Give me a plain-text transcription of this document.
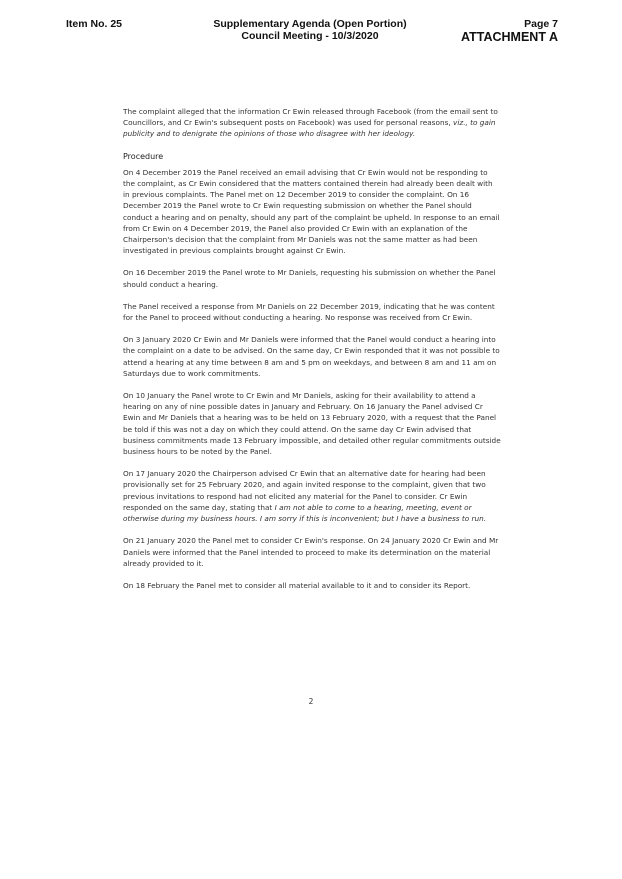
Item No. 25	Supplementary Agenda (Open Portion)
Council Meeting - 10/3/2020
Page 7
ATTACHMENT A

The complaint alleged that the information Cr Ewin released through Facebook (from the email sent to Councillors, and Cr Ewin's subsequent posts on Facebook) was used for personal reasons, viz., to gain publicity and to denigrate the opinions of those who disagree with her ideology.

Procedure

On 4 December 2019 the Panel received an email advising that Cr Ewin would not be responding to the complaint, as Cr Ewin considered that the matters contained therein had already been dealt with in previous complaints. The Panel met on 12 December 2019 to consider the complaint. On 16 December 2019 the Panel wrote to Cr Ewin requesting submission on whether the Panel should conduct a hearing and on penalty, should any part of the complaint be upheld. In response to an email from Cr Ewin on 4 December 2019, the Panel also provided Cr Ewin with an explanation of the Chairperson's decision that the complaint from Mr Daniels was not the same matter as had been investigated in previous complaints brought against Cr Ewin.

On 16 December 2019 the Panel wrote to Mr Daniels, requesting his submission on whether the Panel should conduct a hearing.

The Panel received a response from Mr Daniels on 22 December 2019, indicating that he was content for the Panel to proceed without conducting a hearing. No response was received from Cr Ewin.

On 3 January 2020 Cr Ewin and Mr Daniels were informed that the Panel would conduct a hearing into the complaint on a date to be advised. On the same day, Cr Ewin responded that it was not possible to attend a hearing at any time between 8 am and 5 pm on weekdays, and between 8 am and 11 am on Saturdays due to work commitments.

On 10 January the Panel wrote to Cr Ewin and Mr Daniels, asking for their availability to attend a hearing on any of nine possible dates in January and February. On 16 January the Panel advised Cr Ewin and Mr Daniels that a hearing was to be held on 13 February 2020, with a request that the Panel be told if this was not a day on which they could attend. On the same day Cr Ewin advised that business commitments made 13 February impossible, and detailed other regular commitments outside business hours to be noted by the Panel.

On 17 January 2020 the Chairperson advised Cr Ewin that an alternative date for hearing had been provisionally set for 25 February 2020, and again invited response to the complaint, given that two previous invitations to respond had not elicited any material for the Panel to consider. Cr Ewin responded on the same day, stating that I am not able to come to a hearing, meeting, event or otherwise during my business hours. I am sorry if this is inconvenient; but I have a business to run.

On 21 January 2020 the Panel met to consider Cr Ewin's response. On 24 January 2020 Cr Ewin and Mr Daniels were informed that the Panel intended to proceed to make its determination on the material already provided to it.

On 18 February the Panel met to consider all material available to it and to consider its Report.

2
